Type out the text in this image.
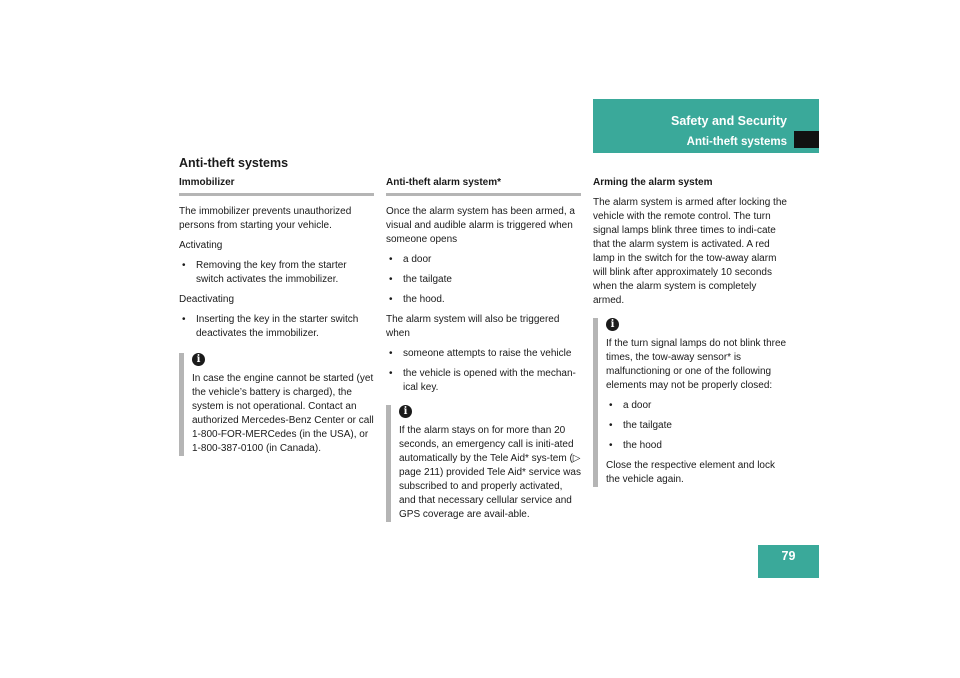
Safety and Security
Anti-theft systems
Anti-theft systems
Immobilizer

The immobilizer prevents unauthorized persons from starting your vehicle.

Activating

• Removing the key from the starter switch activates the immobilizer.

Deactivating

• Inserting the key in the starter switch deactivates the immobilizer.
i

In case the engine cannot be started (yet the vehicle’s battery is charged), the system is not operational. Contact an authorized Mercedes-Benz Center or call 1-800-FOR-MERCedes (in the USA), or 1-800-387-0100 (in Canada).

Anti-theft alarm system*

Once the alarm system has been armed, a visual and audible alarm is triggered when someone opens

• a door
• the tailgate
• the hood.

The alarm system will also be triggered when

• someone attempts to raise the vehicle
• the vehicle is opened with the mechan-ical key.
i

If the alarm stays on for more than 20 seconds, an emergency call is initi-ated automatically by the Tele Aid* sys-tem (▷ page 211) provided Tele Aid* service was subscribed to and properly activated, and that necessary cellular service and GPS coverage are avail-able.

Arming the alarm system

The alarm system is armed after locking the vehicle with the remote control. The turn signal lamps blink three times to indi-cate that the alarm system is activated. A red lamp in the switch for the tow-away alarm will blink after approximately 10 seconds when the alarm system is completely armed.

i

If the turn signal lamps do not blink three times, the tow-away sensor* is malfunctioning or one of the following elements may not be properly closed:

• a door
• the tailgate
• the hood

Close the respective element and lock the vehicle again.

79
